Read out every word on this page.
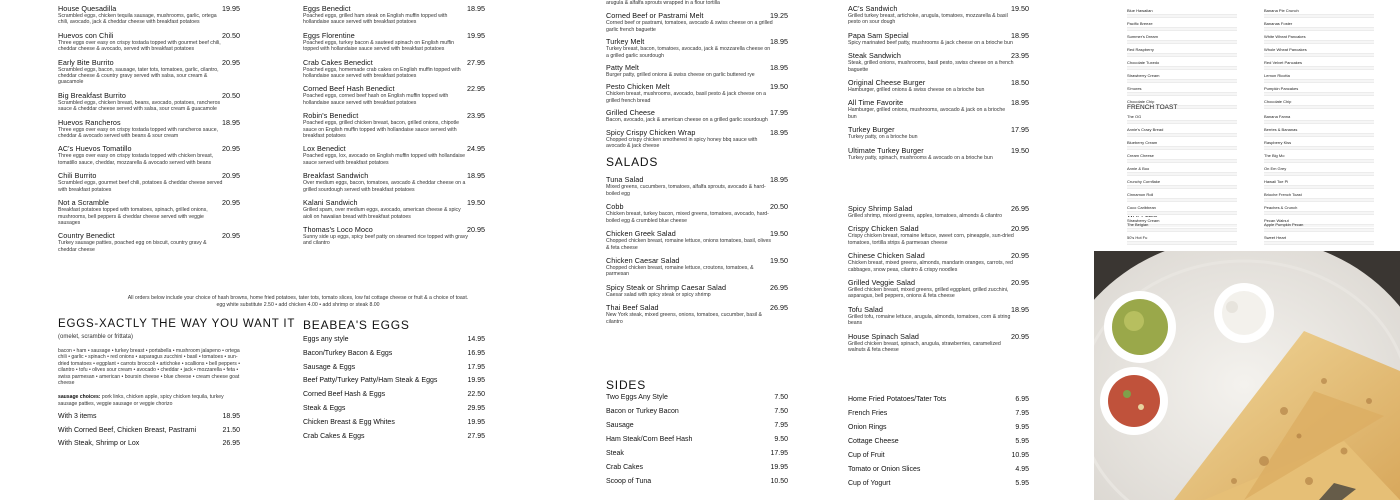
House Quesadilla	19.95
Scrambled eggs, chicken tequila sausage, mushrooms, garlic, ortega chili, avocado, jack & cheddar cheese with breakfast potatoes
Huevos con Chili	20.50
Three eggs over easy on crispy tostada topped with gourmet beef chili, cheddar cheese & avocado, served with breakfast potatoes
Early Bite Burrito	20.95
Scrambled eggs, bacon, sausage, tater tots, tomatoes, garlic, cilantro, cheddar cheese & country gravy served with salsa, sour cream & guacamole
Big Breakfast Burrito	20.50
Scrambled eggs, chicken breast, beans, avocado, potatoes, rancheros sauce & cheddar cheese served with salsa, sour cream & guacamole
Huevos Rancheros	18.95
Three eggs over easy on crispy tostada topped with rancheros sauce, cheddar & avocado served with beans & sour cream
AC's Huevos Tomatillo	20.95
Three eggs over easy on crispy tostada topped with chicken breast, tomatillo sauce, cheddar, mozzarella & avocado served with beans
Chili Burrito	20.95
Scrambled eggs, gourmet beef chili, potatoes & cheddar cheese served with breakfast potatoes
Not a Scramble	20.95
Breakfast potatoes topped with tomatoes, spinach, grilled onions, mushrooms, bell peppers & cheddar cheese served with veggie sausages
Country Benedict	20.95
Turkey sausage patties, poached egg on biscuit, country gravy & cheddar cheese
All orders below include your choice of hash browns, home fried potatoes, tater tots, tomato slices, low fat cottage cheese or fruit & a choice of toast.
egg white substitute 2.50 • add chicken 4.00 • add shrimp or steak 8.00
EGGS-XACTLY THE WAY YOU WANT IT
(omelet, scramble or frittata)
bacon • ham • sausage • turkey breast • portabella • mushroom jalapeno • ortega chili • garlic • spinach • red onions • asparagus zucchini • basil • tomatoes • sun-dried tomatoes • eggplant • carrots broccoli • artichoke • scallions • bell peppers • cilantro • tofu • olives sour cream • avocado • cheddar • jack • mozzarella • feta • swiss parmesan • american • boursin cheese • blue cheese • cream cheese goat cheese
sausage choices: pork links, chicken apple, spicy chicken tequila, turkey sausage patties, veggie sausage or veggie chorizo
With 3 items	18.95
With Corned Beef, Chicken Breast, Pastrami	21.50
With Steak, Shrimp or Lox	26.95
Eggs Benedict	18.95
Poached eggs, grilled ham steak on English muffin topped with hollandaise sauce served with breakfast potatoes
Eggs Florentine	19.95
Poached eggs, turkey bacon & sauteed spinach on English muffin topped with hollandaise sauce served with breakfast potatoes
Crab Cakes Benedict	27.95
Poached eggs, homemade crab cakes on English muffin topped with hollandaise sauce served with breakfast potatoes
Corned Beef Hash Benedict	22.95
Poached eggs, corned beef hash on English muffin topped with hollandaise sauce served with breakfast potatoes
Robin's Benedict	23.95
Poached eggs, grilled chicken breast, bacon, grilled onions, chipotle sauce on English muffin topped with hollandaise sauce served with breakfast potatoes
Lox Benedict	24.95
Poached eggs, lox, avocado on English muffin topped with hollandaise sauce served with breakfast potatoes
Breakfast Sandwich	18.95
Over medium eggs, bacon, tomatoes, avocado & cheddar cheese on a grilled sourdough served with breakfast potatoes
Kalani Sandwich	19.50
Grilled spam, over medium eggs, avocado, american cheese & spicy aioli on hawaiian bread with breakfast potatoes
Thomas's Loco Moco	20.95
Sunny side up eggs, spicy beef patty on steamed rice topped with gravy and cilantro
BEABEA'S EGGS
Eggs any style	14.95
Bacon/Turkey Bacon & Eggs	16.95
Sausage & Eggs	17.95
Beef Patty/Turkey Patty/Ham Steak & Eggs	19.95
Corned Beef Hash & Eggs	22.50
Steak & Eggs	29.95
Chicken Breast & Egg Whites	19.95
Crab Cakes & Eggs	27.95
arugula & alfalfa sprouts wrapped in a flour tortilla
Corned Beef or Pastrami Melt	19.25
Corned beef or pastrami, tomatoes, avocado & swiss cheese on a grilled garlic french baguette
Turkey Melt	18.95
Turkey breast, bacon, tomatoes, avocado, jack & mozzarella cheese on a grilled garlic sourdough
Patty Melt	18.95
Burger patty, grilled onions & swiss cheese on garlic buttered rye
Pesto Chicken Melt	19.50
Chicken breast, mushrooms, avocado, basil pesto & jack cheese on a grilled french bread
Grilled Cheese	17.95
Bacon, avocado, jack & american cheese on a grilled garlic sourdough
Spicy Crispy Chicken Wrap	18.95
Chopped crispy chicken smothered in spicy honey bbq sauce with avocado & jack cheese
SALADS
Tuna Salad	18.95
Mixed greens, cucumbers, tomatoes, alfalfa sprouts, avocado & hard-boiled egg
Cobb	20.50
Chicken breast, turkey bacon, mixed greens, tomatoes, avocado, hard-boiled egg & crumbled blue cheese
Chicken Greek Salad	19.50
Chopped chicken breast, romaine lettuce, onions tomatoes, basil, olives & feta cheese
Chicken Caesar Salad	19.50
Chopped chicken breast, romaine lettuce, croutons, tomatoes, & parmesan
Spicy Steak or Shrimp Caesar Salad	26.95
Caesar salad with spicy steak or spicy shrimp
Thai Beef Salad	26.95
New York steak, mixed greens, onions, tomatoes, cucumber, basil & cilantro
SIDES
Two Eggs Any Style	7.50
Bacon or Turkey Bacon	7.50
Sausage	7.95
Ham Steak/Corn Beef Hash	9.50
Steak	17.95
Crab Cakes	19.95
Scoop of Tuna	10.50
AC's Sandwich	19.50
Grilled turkey breast, artichoke, arugula, tomatoes, mozzarella & basil pesto on sour dough
Papa Sam Special	18.95
Spicy marinated beef patty, mushrooms & jack cheese on a brioche bun
Steak Sandwich	23.95
Steak, grilled onions, mushrooms, basil pesto, swiss cheese on a french baguette
Original Cheese Burger	18.50
Hamburger, grilled onions & swiss cheese on a brioche bun
All Time Favorite	18.95
Hamburger, grilled onions, mushrooms, avocado & jack on a brioche bun
Turkey Burger	17.95
Turkey patty, on a brioche bun
Ultimate Turkey Burger	19.50
Turkey patty, spinach, mushrooms & avocado on a brioche bun
Spicy Shrimp Salad	26.95
Grilled shrimp, mixed greens, apples, tomatoes, almonds & cilantro
Crispy Chicken Salad	20.95
Crispy chicken breast, romaine lettuce, sweet corn, pineapple, sun-dried tomatoes, tortilla strips & parmesan cheese
Chinese Chicken Salad	20.95
Chicken breast, mixed greens, almonds, mandarin oranges, carrots, red cabbages, snow peas, cilantro & crispy noodles
Grilled Veggie Salad	20.95
Grilled chicken breast, mixed greens, grilled eggplant, grilled zucchini, asparagus, bell peppers, onions & feta cheese
Tofu Salad	18.95
Grilled tofu, romaine lettuce, arugula, almonds, tomatoes, corn & string beans
House Spinach Salad	20.95
Grilled chicken breast, spinach, arugula, strawberries, caramelized walnuts & feta cheese
Home Fried Potatoes/Tater Tots	6.95
French Fries	7.95
Onion Rings	9.95
Cottage Cheese	5.95
Cup of Fruit	10.95
Tomato or Onion Slices	4.95
Cup of Yogurt	5.95
Blue Hawaiian
Pacific Breeze
Summer's Dream
Red Raspberry
Chocolate Tuxedo
Strawberry Cream
S'mores
Chocolate Chip
Banana Pie Crunch
Bananas Foster
White Wheat Pancakes
Whole Wheat Pancakes
Red Velvet Pancakes
Lemon Ricotta
Pumpkin Pancakes
Chocolate Chip
FRENCH TOAST
The OG
Annie's Crazy Bread
Blueberry Cream
Cream Cheese
Annie & Boo
Crunchy Cornflake
Cinnamon Roll
Coco Caribbean
Strawberry Cream
Banana Fanna
Berries & Bananas
Raspberry Kiss
The Big Mo
On Em Grey
Hawaii Toe Pi
Brioche French Toast
Peaches & Crunch
Pecan Walnut
The Belgian
50's Hot Fu
Apple Pumpkin Pecan
Sweet Heart
